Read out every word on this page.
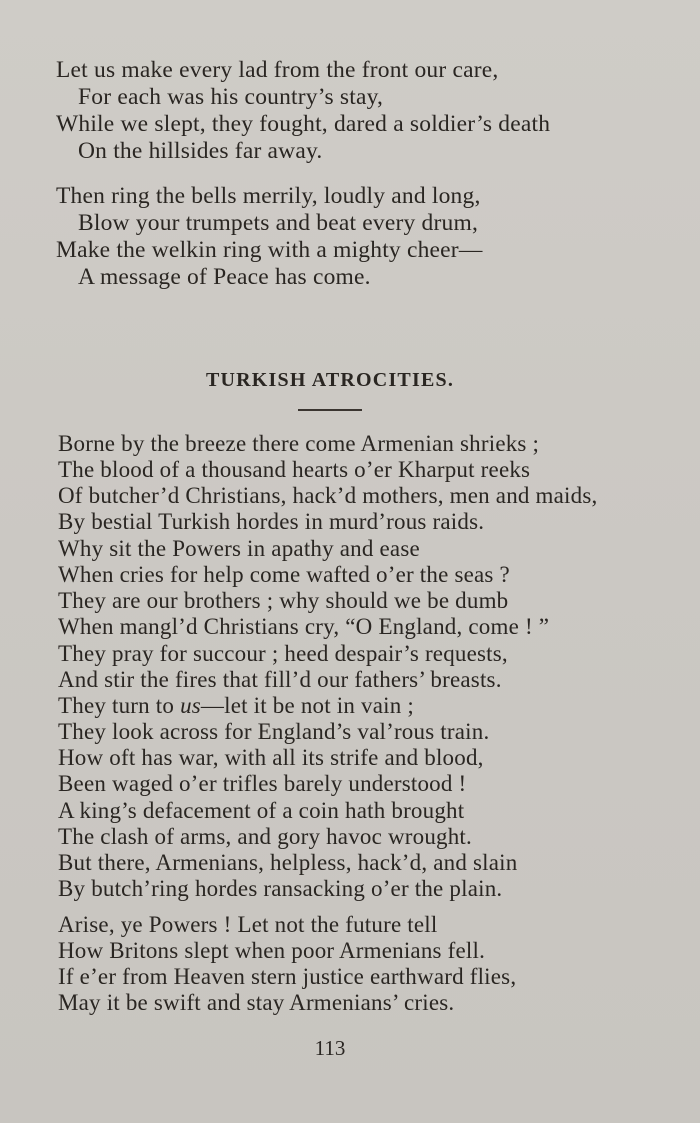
Let us make every lad from the front our care,
For each was his country’s stay,
While we slept, they fought, dared a soldier’s death
On the hillsides far away.
Then ring the bells merrily, loudly and long,
Blow your trumpets and beat every drum,
Make the welkin ring with a mighty cheer—
A message of Peace has come.
TURKISH ATROCITIES.
Borne by the breeze there come Armenian shrieks ;
The blood of a thousand hearts o’er Kharput reeks
Of butcher’d Christians, hack’d mothers, men and maids,
By bestial Turkish hordes in murd’rous raids.
Why sit the Powers in apathy and ease
When cries for help come wafted o’er the seas ?
They are our brothers ; why should we be dumb
When mangl’d Christians cry, “O England, come ! ”
They pray for succour ; heed despair’s requests,
And stir the fires that fill’d our fathers’ breasts.
They turn to us—let it be not in vain ;
They look across for England’s val’rous train.
How oft has war, with all its strife and blood,
Been waged o’er trifles barely understood !
A king’s defacement of a coin hath brought
The clash of arms, and gory havoc wrought.
But there, Armenians, helpless, hack’d, and slain
By butch’ring hordes ransacking o’er the plain.
Arise, ye Powers ! Let not the future tell
How Britons slept when poor Armenians fell.
If e’er from Heaven stern justice earthward flies,
May it be swift and stay Armenians’ cries.
113
